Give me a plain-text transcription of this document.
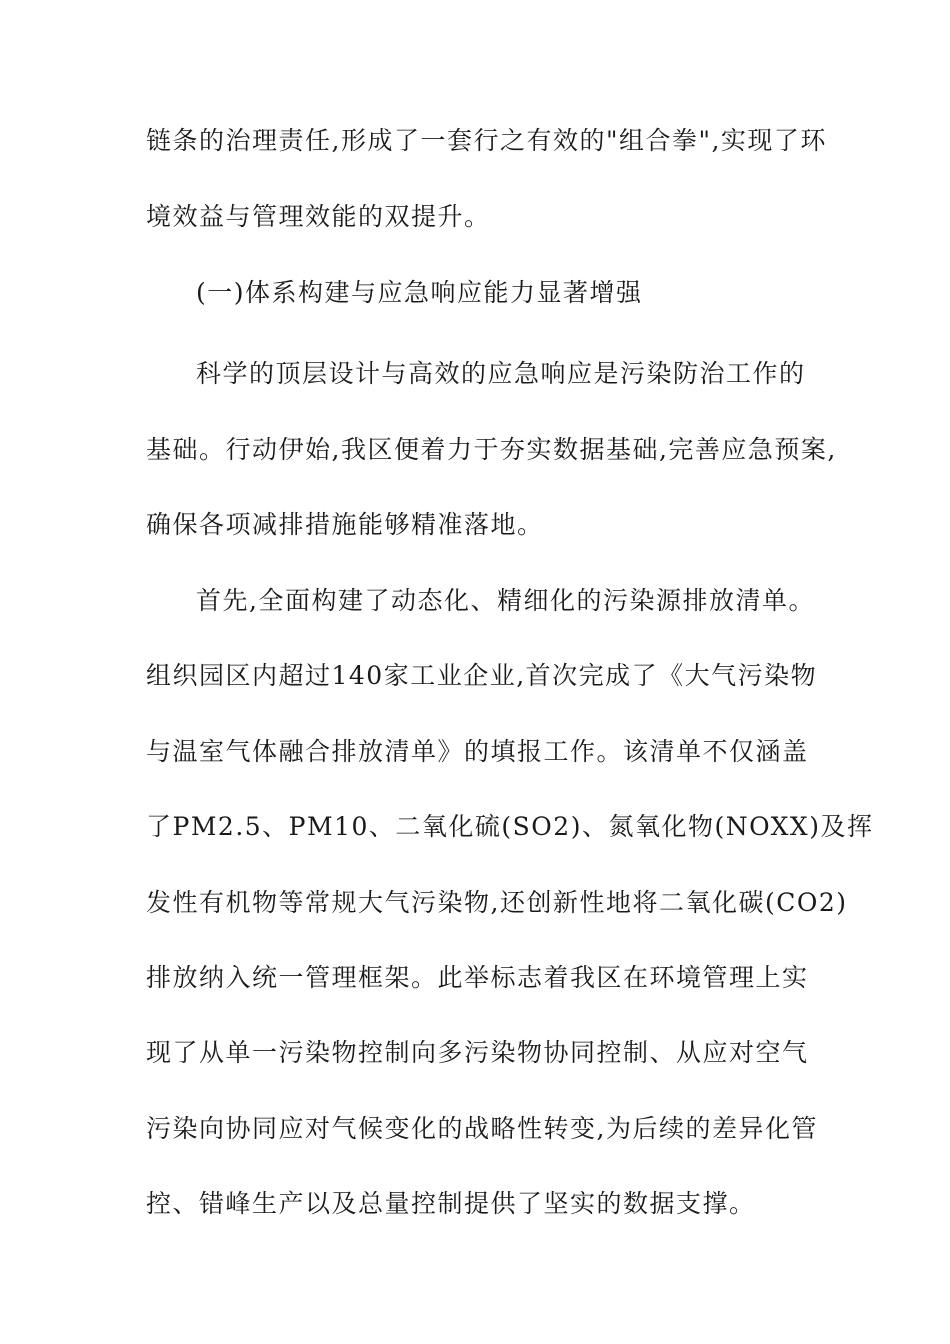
链条的治理责任,形成了一套行之有效的"组合拳",实现了环
境效益与管理效能的双提升。
(一)体系构建与应急响应能力显著增强
科学的顶层设计与高效的应急响应是污染防治工作的
基础。行动伊始,我区便着力于夯实数据基础,完善应急预案,
确保各项减排措施能够精准落地。
首先,全面构建了动态化、精细化的污染源排放清单。
组织园区内超过140家工业企业,首次完成了《大气污染物
与温室气体融合排放清单》的填报工作。该清单不仅涵盖
了PM2.5、PM10、二氧化硫(SO2)、氮氧化物(NOXX)及挥
发性有机物等常规大气污染物,还创新性地将二氧化碳(CO2)
排放纳入统一管理框架。此举标志着我区在环境管理上实
现了从单一污染物控制向多污染物协同控制、从应对空气
污染向协同应对气候变化的战略性转变,为后续的差异化管
控、错峰生产以及总量控制提供了坚实的数据支撑。
